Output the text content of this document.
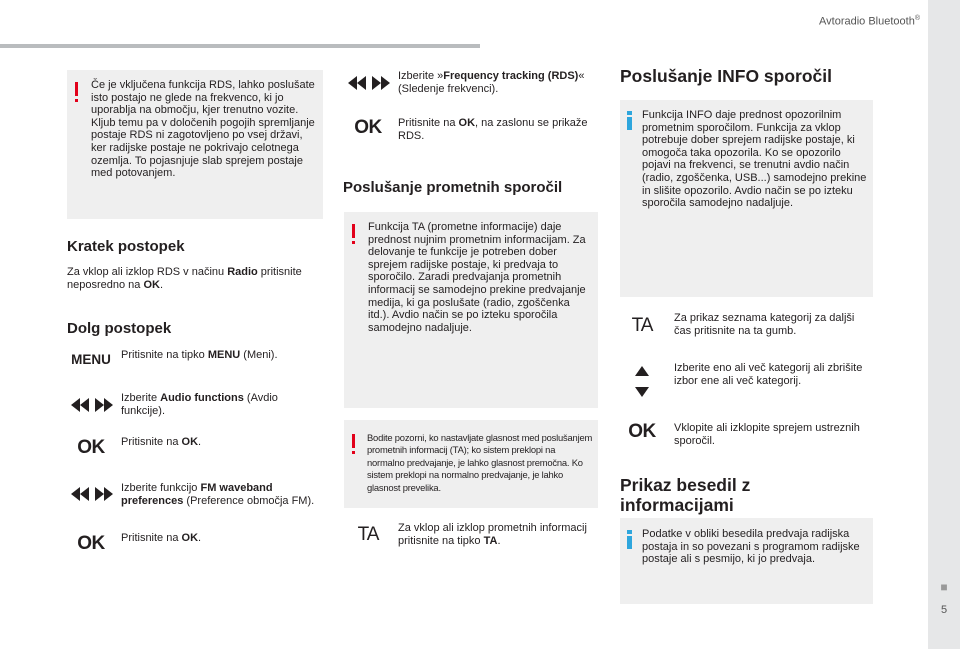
Avtoradio Bluetooth®
■
5
Če je vključena funkcija RDS, lahko poslušate isto postajo ne glede na frekvenco, ki jo uporablja na območju, kjer trenutno vozite. Kljub temu pa v določenih pogojih spremljanje postaje RDS ni zagotovljeno po vsej državi, ker radijske postaje ne pokrivajo celotnega ozemlja. To pojasnjuje slab sprejem postaje med potovanjem.
Kratek postopek
Za vklop ali izklop RDS v načinu Radio pritisnite neposredno na OK.
Dolg postopek
MENU Pritisnite na tipko MENU (Meni).
Izberite Audio functions (Avdio funkcije).
OK	Pritisnite na OK.
Izberite funkcijo FM waveband preferences (Preference območja FM).
OK	Pritisnite na OK.
Izberite »Frequency tracking (RDS)« (Sledenje frekvenci).
OK	Pritisnite na OK, na zaslonu se prikaže RDS.
Poslušanje prometnih sporočil
Funkcija TA (prometne informacije) daje prednost nujnim prometnim informacijam. Za delovanje te funkcije je potreben dober sprejem radijske postaje, ki predvaja to sporočilo. Zaradi predvajanja prometnih informacij se samodejno prekine predvajanje medija, ki ga poslušate (radio, zgoščenka itd.). Avdio način se po izteku sporočila samodejno nadaljuje.
Bodite pozorni, ko nastavljate glasnost med poslušanjem prometnih informacij (TA); ko sistem preklopi na normalno predvajanje, je lahko glasnost premočna. Ko sistem preklopi na normalno predvajanje, je lahko glasnost prevelika.
TA	Za vklop ali izklop prometnih informacij pritisnite na tipko TA.
Poslušanje INFO sporočil
Funkcija INFO daje prednost opozorilnim prometnim sporočilom. Funkcija za vklop potrebuje dober sprejem radijske postaje, ki omogoča taka opozorila. Ko se opozorilo pojavi na frekvenci, se trenutni avdio način (radio, zgoščenka, USB...) samodejno prekine in slišite opozorilo. Avdio način se po izteku sporočila samodejno nadaljuje.
TA	Za prikaz seznama kategorij za daljši čas pritisnite na ta gumb.
Izberite eno ali več kategorij ali zbrišite izbor ene ali več kategorij.
OK	Vklopite ali izklopite sprejem ustreznih sporočil.
Prikaz besedil z informacijami
Podatke v obliki besedila predvaja radijska postaja in so povezani s programom radijske postaje ali s pesmijo, ki jo predvaja.
